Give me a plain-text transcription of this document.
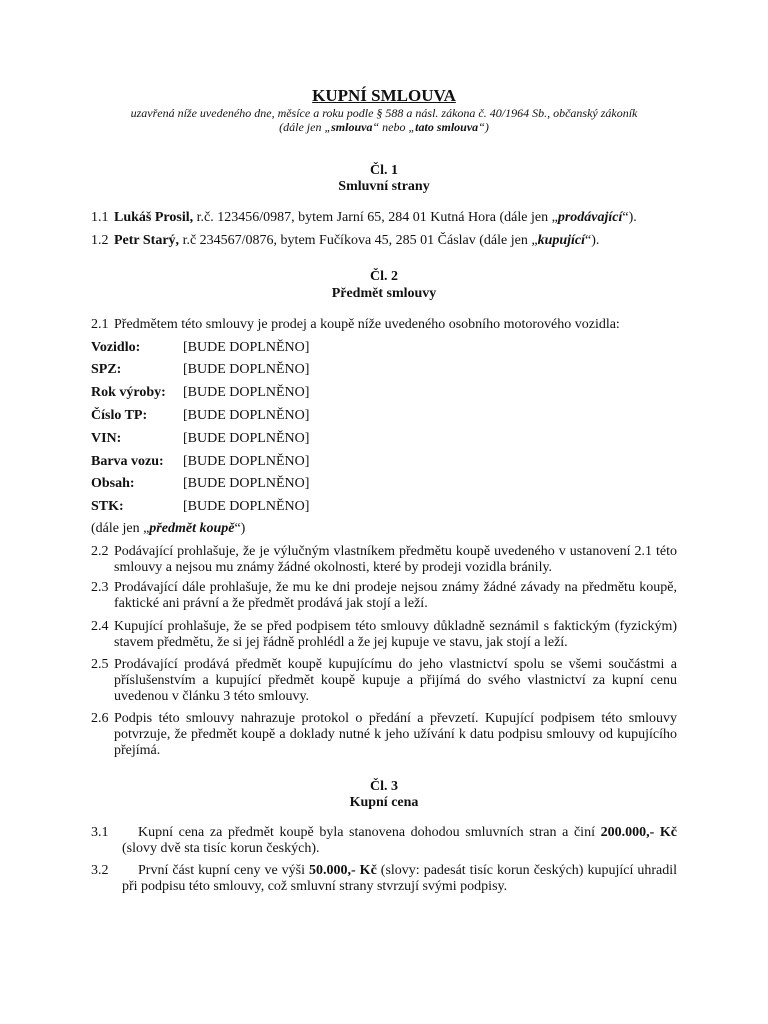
KUPNÍ SMLOUVA
uzavřená níže uvedeného dne, měsíce a roku podle § 588 a násl. zákona č. 40/1964 Sb., občanský zákoník
(dále jen „smlouva“ nebo „tato smlouva“)
Čl. 1
Smluvní strany
1.1 Lukáš Prosil, r.č. 123456/0987, bytem Jarní 65, 284 01 Kutná Hora (dále jen „prodávající“).
1.2 Petr Starý, r.č 234567/0876, bytem Fučíkova 45, 285 01 Čáslav (dále jen „kupující“).
Čl. 2
Předmět smlouvy
2.1 Předmětem této smlouvy je prodej a koupě níže uvedeného osobního motorového vozidla:
Vozidlo:	[BUDE DOPLNĚNO]
SPZ:	[BUDE DOPLNĚNO]
Rok výroby: [BUDE DOPLNĚNO]
Číslo TP:	[BUDE DOPLNĚNO]
VIN:	[BUDE DOPLNĚNO]
Barva vozu: [BUDE DOPLNĚNO]
Obsah:	[BUDE DOPLNĚNO]
STK:	[BUDE DOPLNĚNO]
(dále jen „předmět koupě“)
2.2 Podávající prohlašuje, že je výlučným vlastníkem předmětu koupě uvedeného v ustanovení 2.1 této smlouvy a nejsou mu známy žádné okolnosti, které by prodeji vozidla bránily.
2.3 Prodávající dále prohlašuje, že mu ke dni prodeje nejsou známy žádné závady na předmětu koupě, faktické ani právní a že předmět prodává jak stojí a leží.
2.4 Kupující prohlašuje, že se před podpisem této smlouvy důkladně seznámil s faktickým (fyzickým) stavem předmětu, že si jej řádně prohlédl a že jej kupuje ve stavu, jak stojí a leží.
2.5 Prodávající prodává předmět koupě kupujícímu do jeho vlastnictví spolu se všemi součástmi a příslušenstvím a kupující předmět koupě kupuje a přijímá do svého vlastnictví za kupní cenu uvedenou v článku 3 této smlouvy.
2.6 Podpis této smlouvy nahrazuje protokol o předání a převzetí. Kupující podpisem této smlouvy potvrzuje, že předmět koupě a doklady nutné k jeho užívání k datu podpisu smlouvy od kupujícího přejímá.
Čl. 3
Kupní cena
3.1	Kupní cena za předmět koupě byla stanovena dohodou smluvních stran a činí 200.000,- Kč (slovy dvě sta tisíc korun českých).
3.2	První část kupní ceny ve výši 50.000,- Kč (slovy: padesát tisíc korun českých) kupující uhradil při podpisu této smlouvy, což smluvní strany stvrzují svými podpisy.
